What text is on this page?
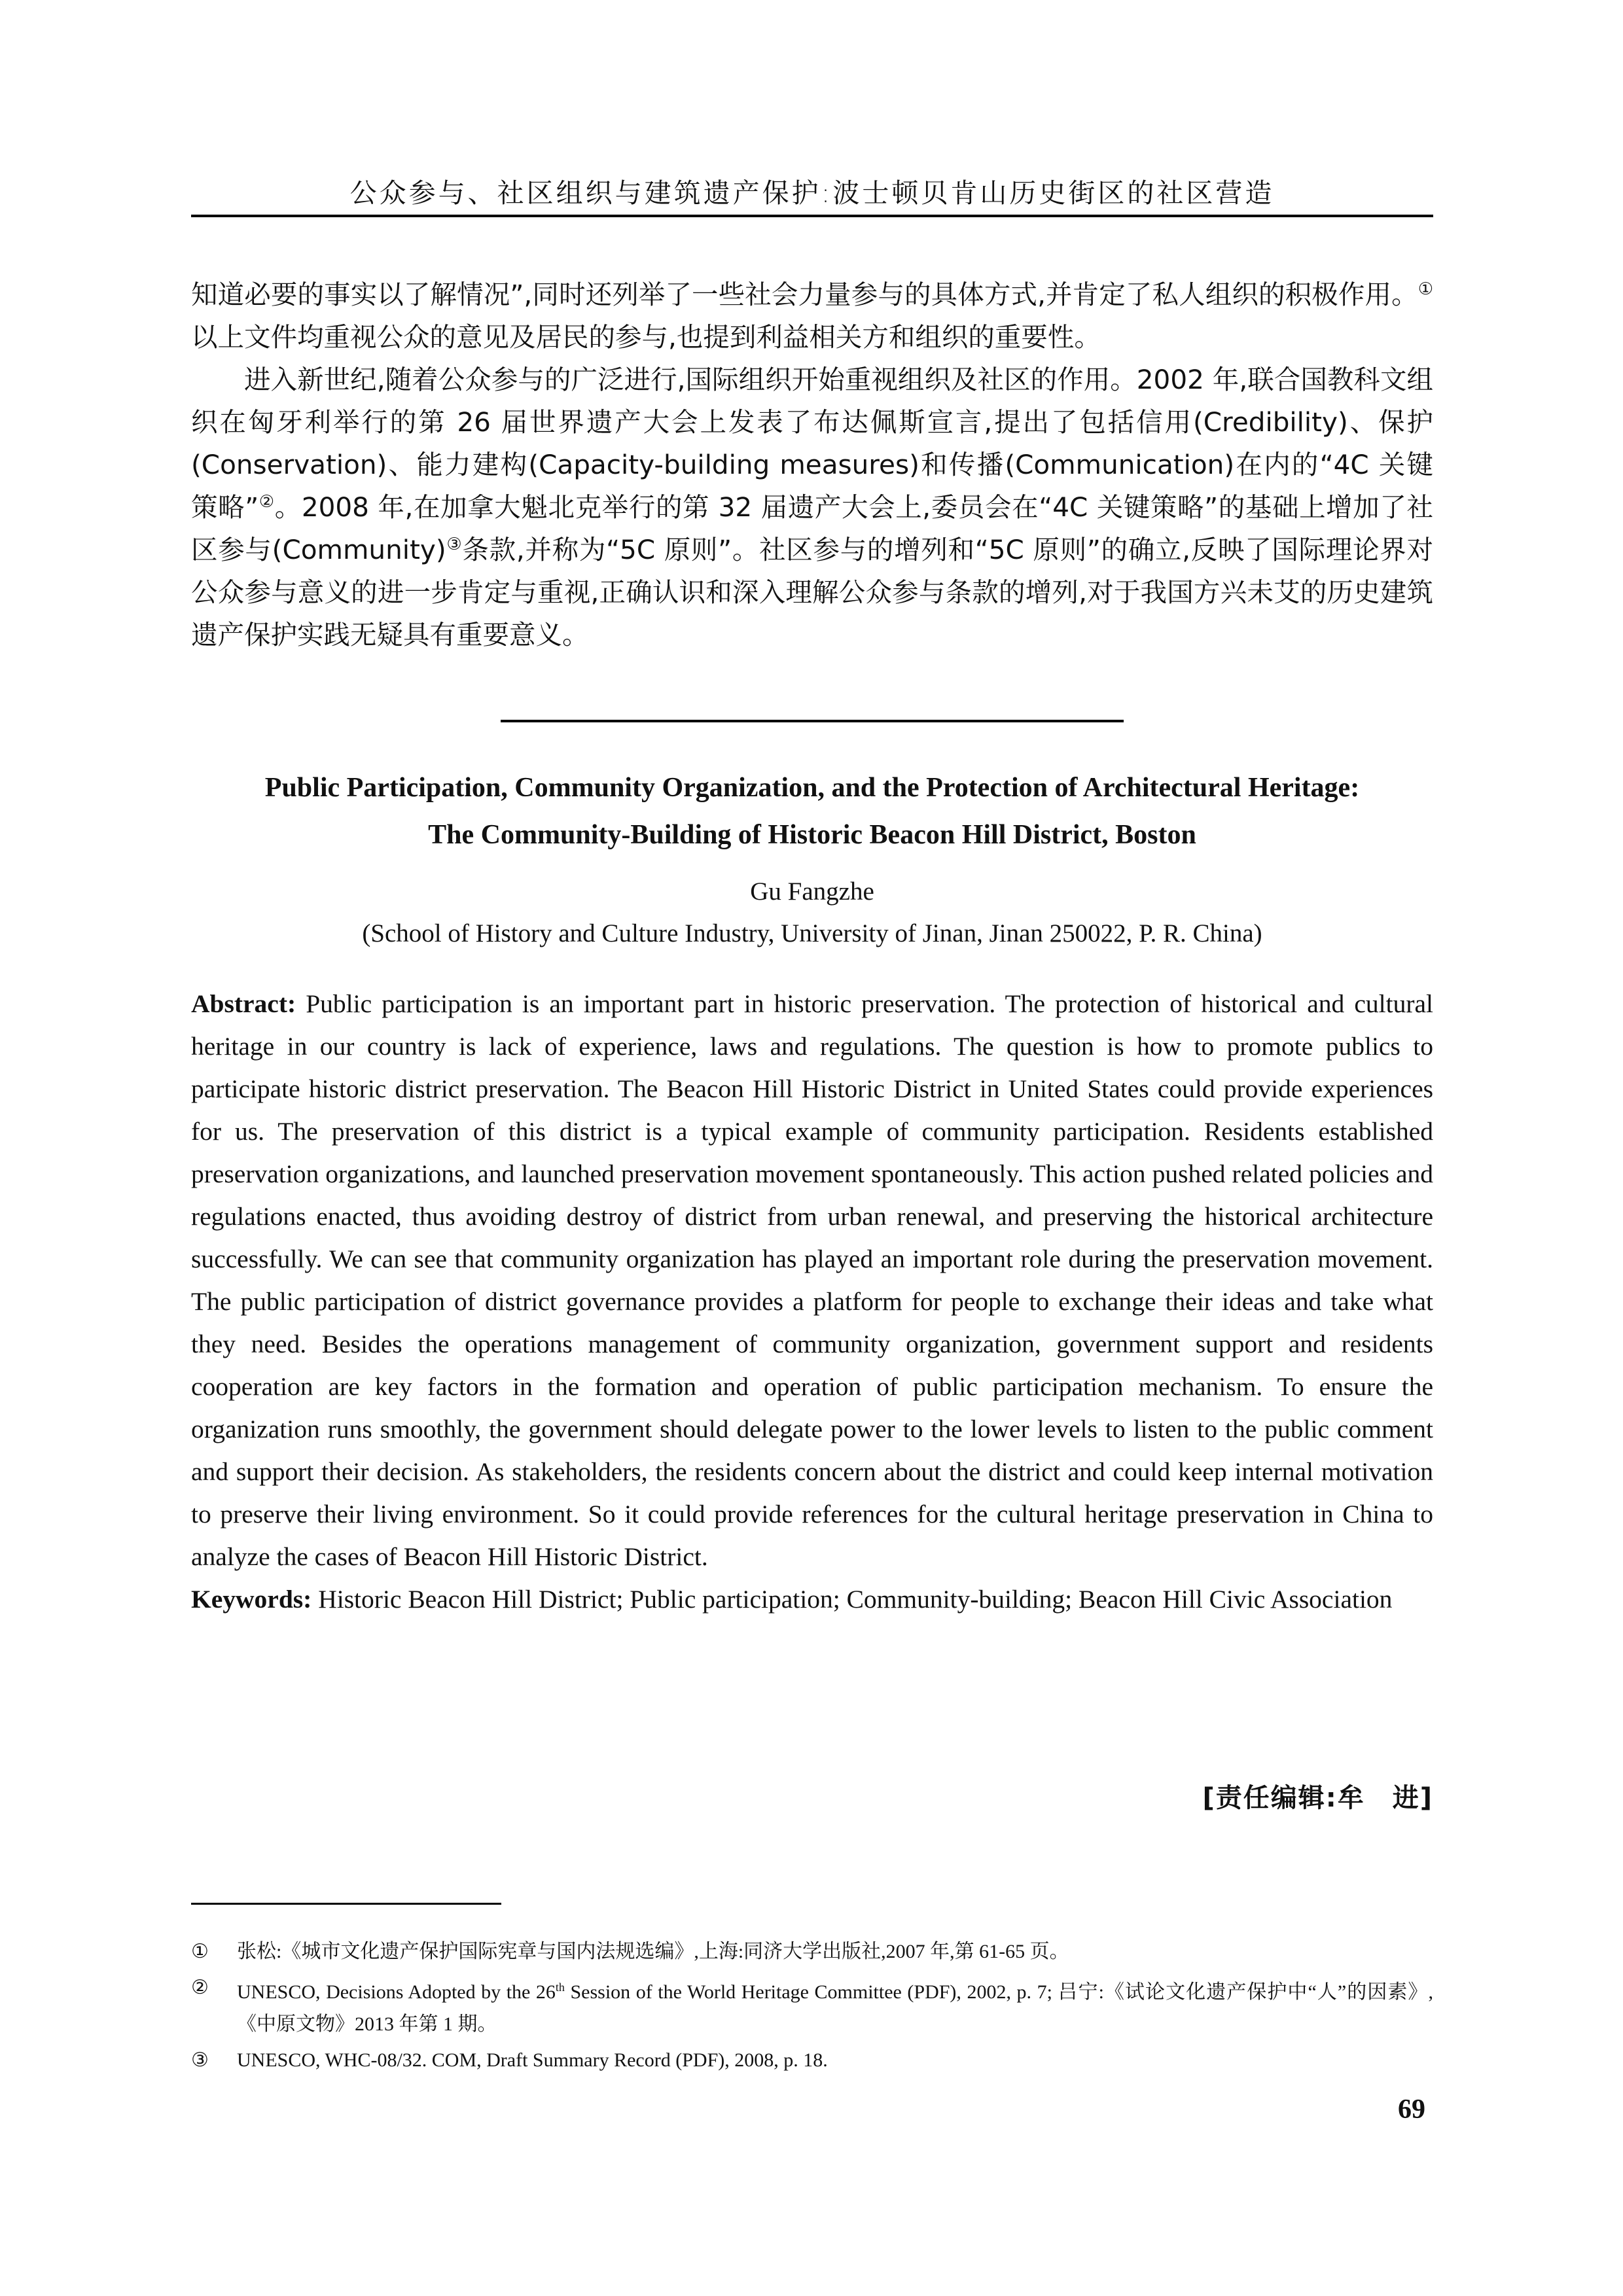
公众参与、社区组织与建筑遗产保护:波士顿贝肯山历史街区的社区营造

知道必要的事实以了解情况”,同时还列举了一些社会力量参与的具体方式,并肯定了私人组织的积极作用。① 以上文件均重视公众的意见及居民的参与,也提到利益相关方和组织的重要性。

进入新世纪,随着公众参与的广泛进行,国际组织开始重视组织及社区的作用。2002 年,联合国教科文组织在匈牙利举行的第 26 届世界遗产大会上发表了布达佩斯宣言,提出了包括信用(Credibility)、保护(Conservation)、能力建构(Capacity-building measures)和传播(Communication)在内的“4C 关键策略”②。2008 年,在加拿大魁北克举行的第 32 届遗产大会上,委员会在“4C 关键策略”的基础上增加了社区参与(Community)③条款,并称为“5C 原则”。社区参与的增列和“5C 原则”的确立,反映了国际理论界对公众参与意义的进一步肯定与重视,正确认识和深入理解公众参与条款的增列,对于我国方兴未艾的历史建筑遗产保护实践无疑具有重要意义。

Public Participation, Community Organization, and the Protection of Architectural Heritage:
The Community-Building of Historic Beacon Hill District, Boston
Gu Fangzhe
(School of History and Culture Industry, University of Jinan, Jinan 250022, P. R. China)

Abstract: Public participation is an important part in historic preservation. The protection of historical and cultural heritage in our country is lack of experience, laws and regulations. The question is how to promote publics to participate historic district preservation. The Beacon Hill Historic District in United States could provide experiences for us. The preservation of this district is a typical example of community participation. Residents established preservation organizations, and launched preservation movement spontaneously. This action pushed related policies and regulations enacted, thus avoiding destroy of district from urban renewal, and preserving the historical architecture successfully. We can see that community organization has played an important role during the preservation movement. The public participation of district governance provides a platform for people to exchange their ideas and take what they need. Besides the operations management of community organization, government support and residents cooperation are key factors in the formation and operation of public participation mechanism. To ensure the organization runs smoothly, the government should delegate power to the lower levels to listen to the public comment and support their decision. As stakeholders, the residents concern about the district and could keep internal motivation to preserve their living environment. So it could provide references for the cultural heritage preservation in China to analyze the cases of Beacon Hill Historic District.

Keywords: Historic Beacon Hill District; Public participation; Community-building; Beacon Hill Civic Association

[责任编辑:牟　进]
①	张松:《城市文化遗产保护国际宪章与国内法规选编》,上海:同济大学出版社,2007 年,第 61-65 页。
②	UNESCO, Decisions Adopted by the 26th Session of the World Heritage Committee (PDF), 2002, p. 7; 吕宁:《试论文化遗产保护中“人”的因素》,《中原文物》2013 年第 1 期。
③	UNESCO, WHC-08/32. COM, Draft Summary Record (PDF), 2008, p. 18.
69
